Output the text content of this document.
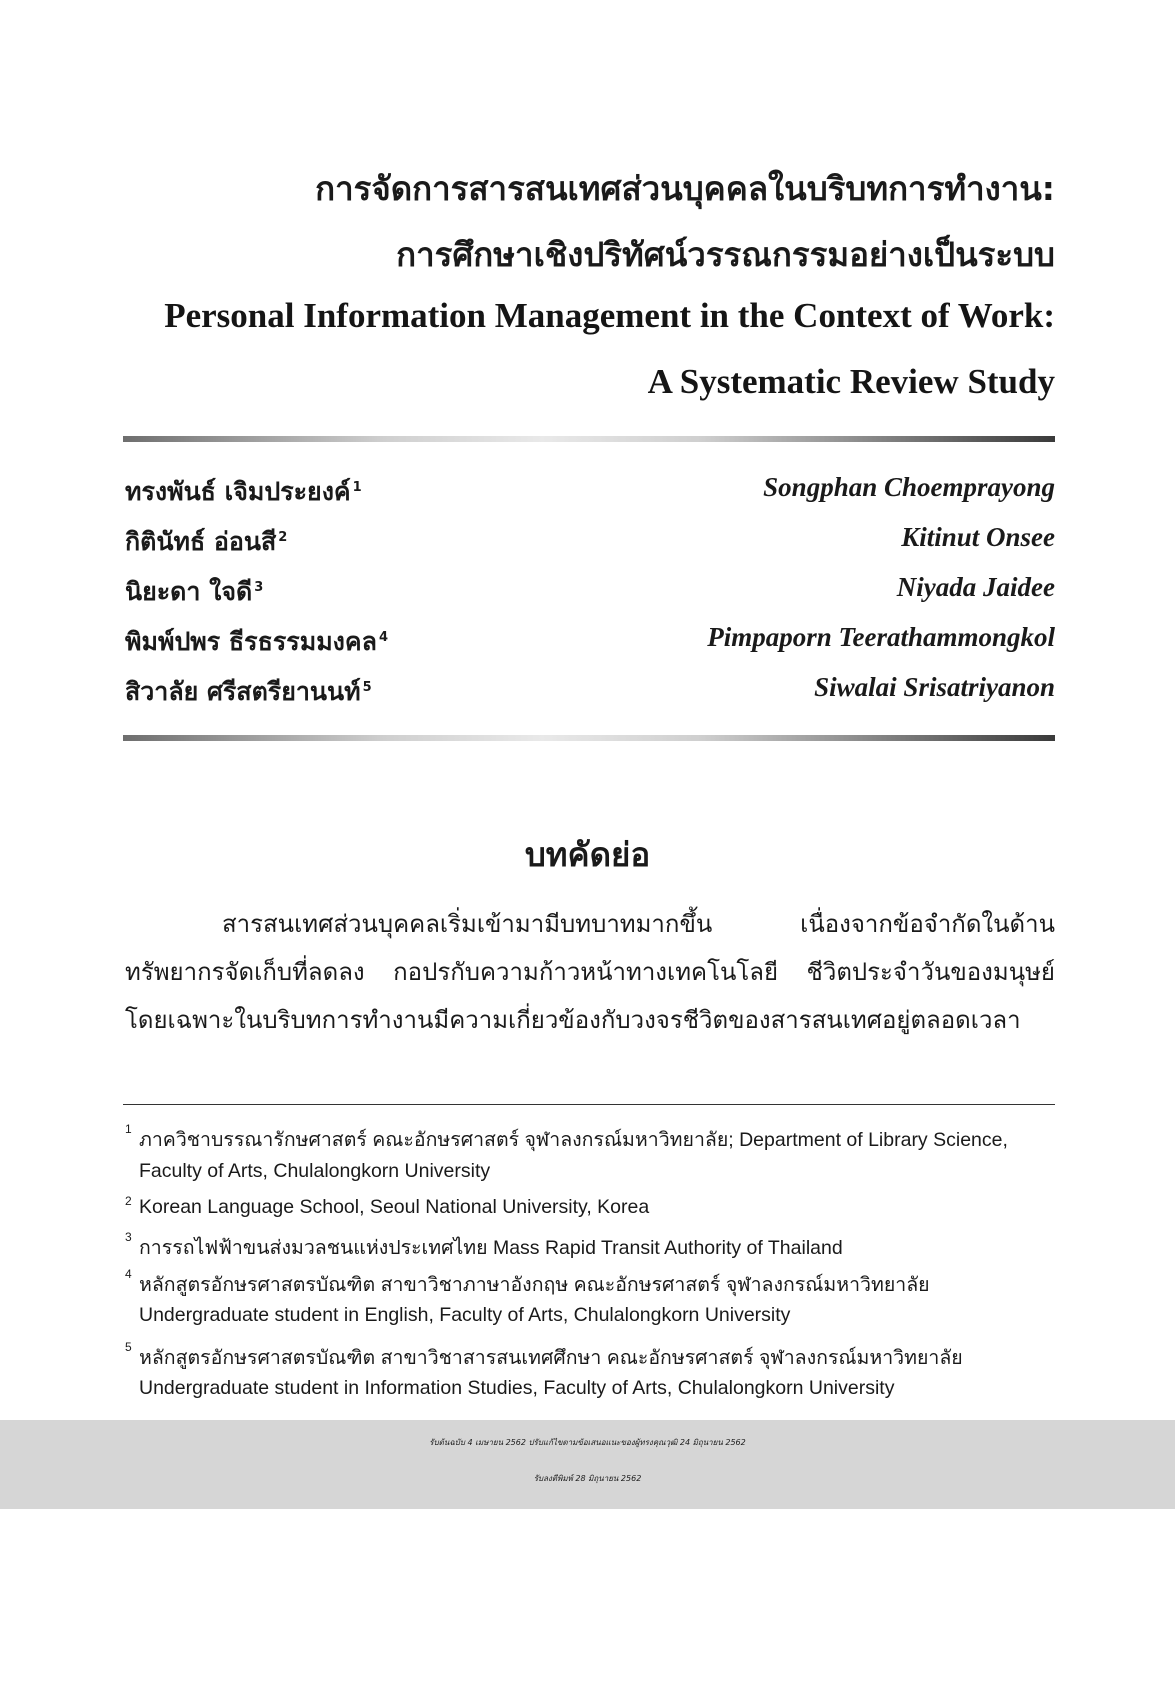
การจัดการสารสนเทศส่วนบุคคลในบริบทการทำงาน:
การศึกษาเชิงปริทัศน์วรรณกรรมอย่างเป็นระบบ
Personal Information Management in the Context of Work:
A Systematic Review Study
ทรงพันธ์ เจิมประยงค์ $^1$
กิตินัทธ์ อ่อนสี $^2$
นิยะดา ใจดี $^3$
พิมพ์ปพร ธีรธรรมมงคล $^4$
สิวาลัย ศรีสตรียานนท์ $^5$
Songphan Choemprayong
Kitinut Onsee
Niyada Jaidee
Pimpaporn Teerathammongkol
Siwalai Srisatriyanon
บทคัดย่อ
สารสนเทศส่วนบุคคลเริ่มเข้ามามีบทบาทมากขึ้น เนื่องจากข้อจำกัดในด้าน
ทรัพยากรจัดเก็บที่ลดลง กอปรกับความก้าวหน้าทางเทคโนโลยี ชีวิตประจำวันของมนุษย์
โดยเฉพาะในบริบทการทำงานมีความเกี่ยวข้องกับวงจรชีวิตของสารสนเทศอยู่ตลอดเวลา
1 ภาควิชาบรรณารักษศาสตร์ คณะอักษรศาสตร์ จุฬาลงกรณ์มหาวิทยาลัย; Department of Library Science,
Faculty of Arts, Chulalongkorn University
2 Korean Language School, Seoul National University, Korea
3 การรถไฟฟ้าขนส่งมวลชนแห่งประเทศไทย Mass Rapid Transit Authority of Thailand
4 หลักสูตรอักษรศาสตรบัณฑิต สาขาวิชาภาษาอังกฤษ คณะอักษรศาสตร์ จุฬาลงกรณ์มหาวิทยาลัย
Undergraduate student in English, Faculty of Arts, Chulalongkorn University
5 หลักสูตรอักษรศาสตรบัณฑิต สาขาวิชาสารสนเทศศึกษา คณะอักษรศาสตร์ จุฬาลงกรณ์มหาวิทยาลัย
Undergraduate student in Information Studies, Faculty of Arts, Chulalongkorn University
รับต้นฉบับ 4 เมษายน 2562 ปรับแก้ไขตามข้อเสนอแนะของผู้ทรงคุณวุฒิ 24 มิถุนายน 2562
รับลงตีพิมพ์ 28 มิถุนายน 2562
